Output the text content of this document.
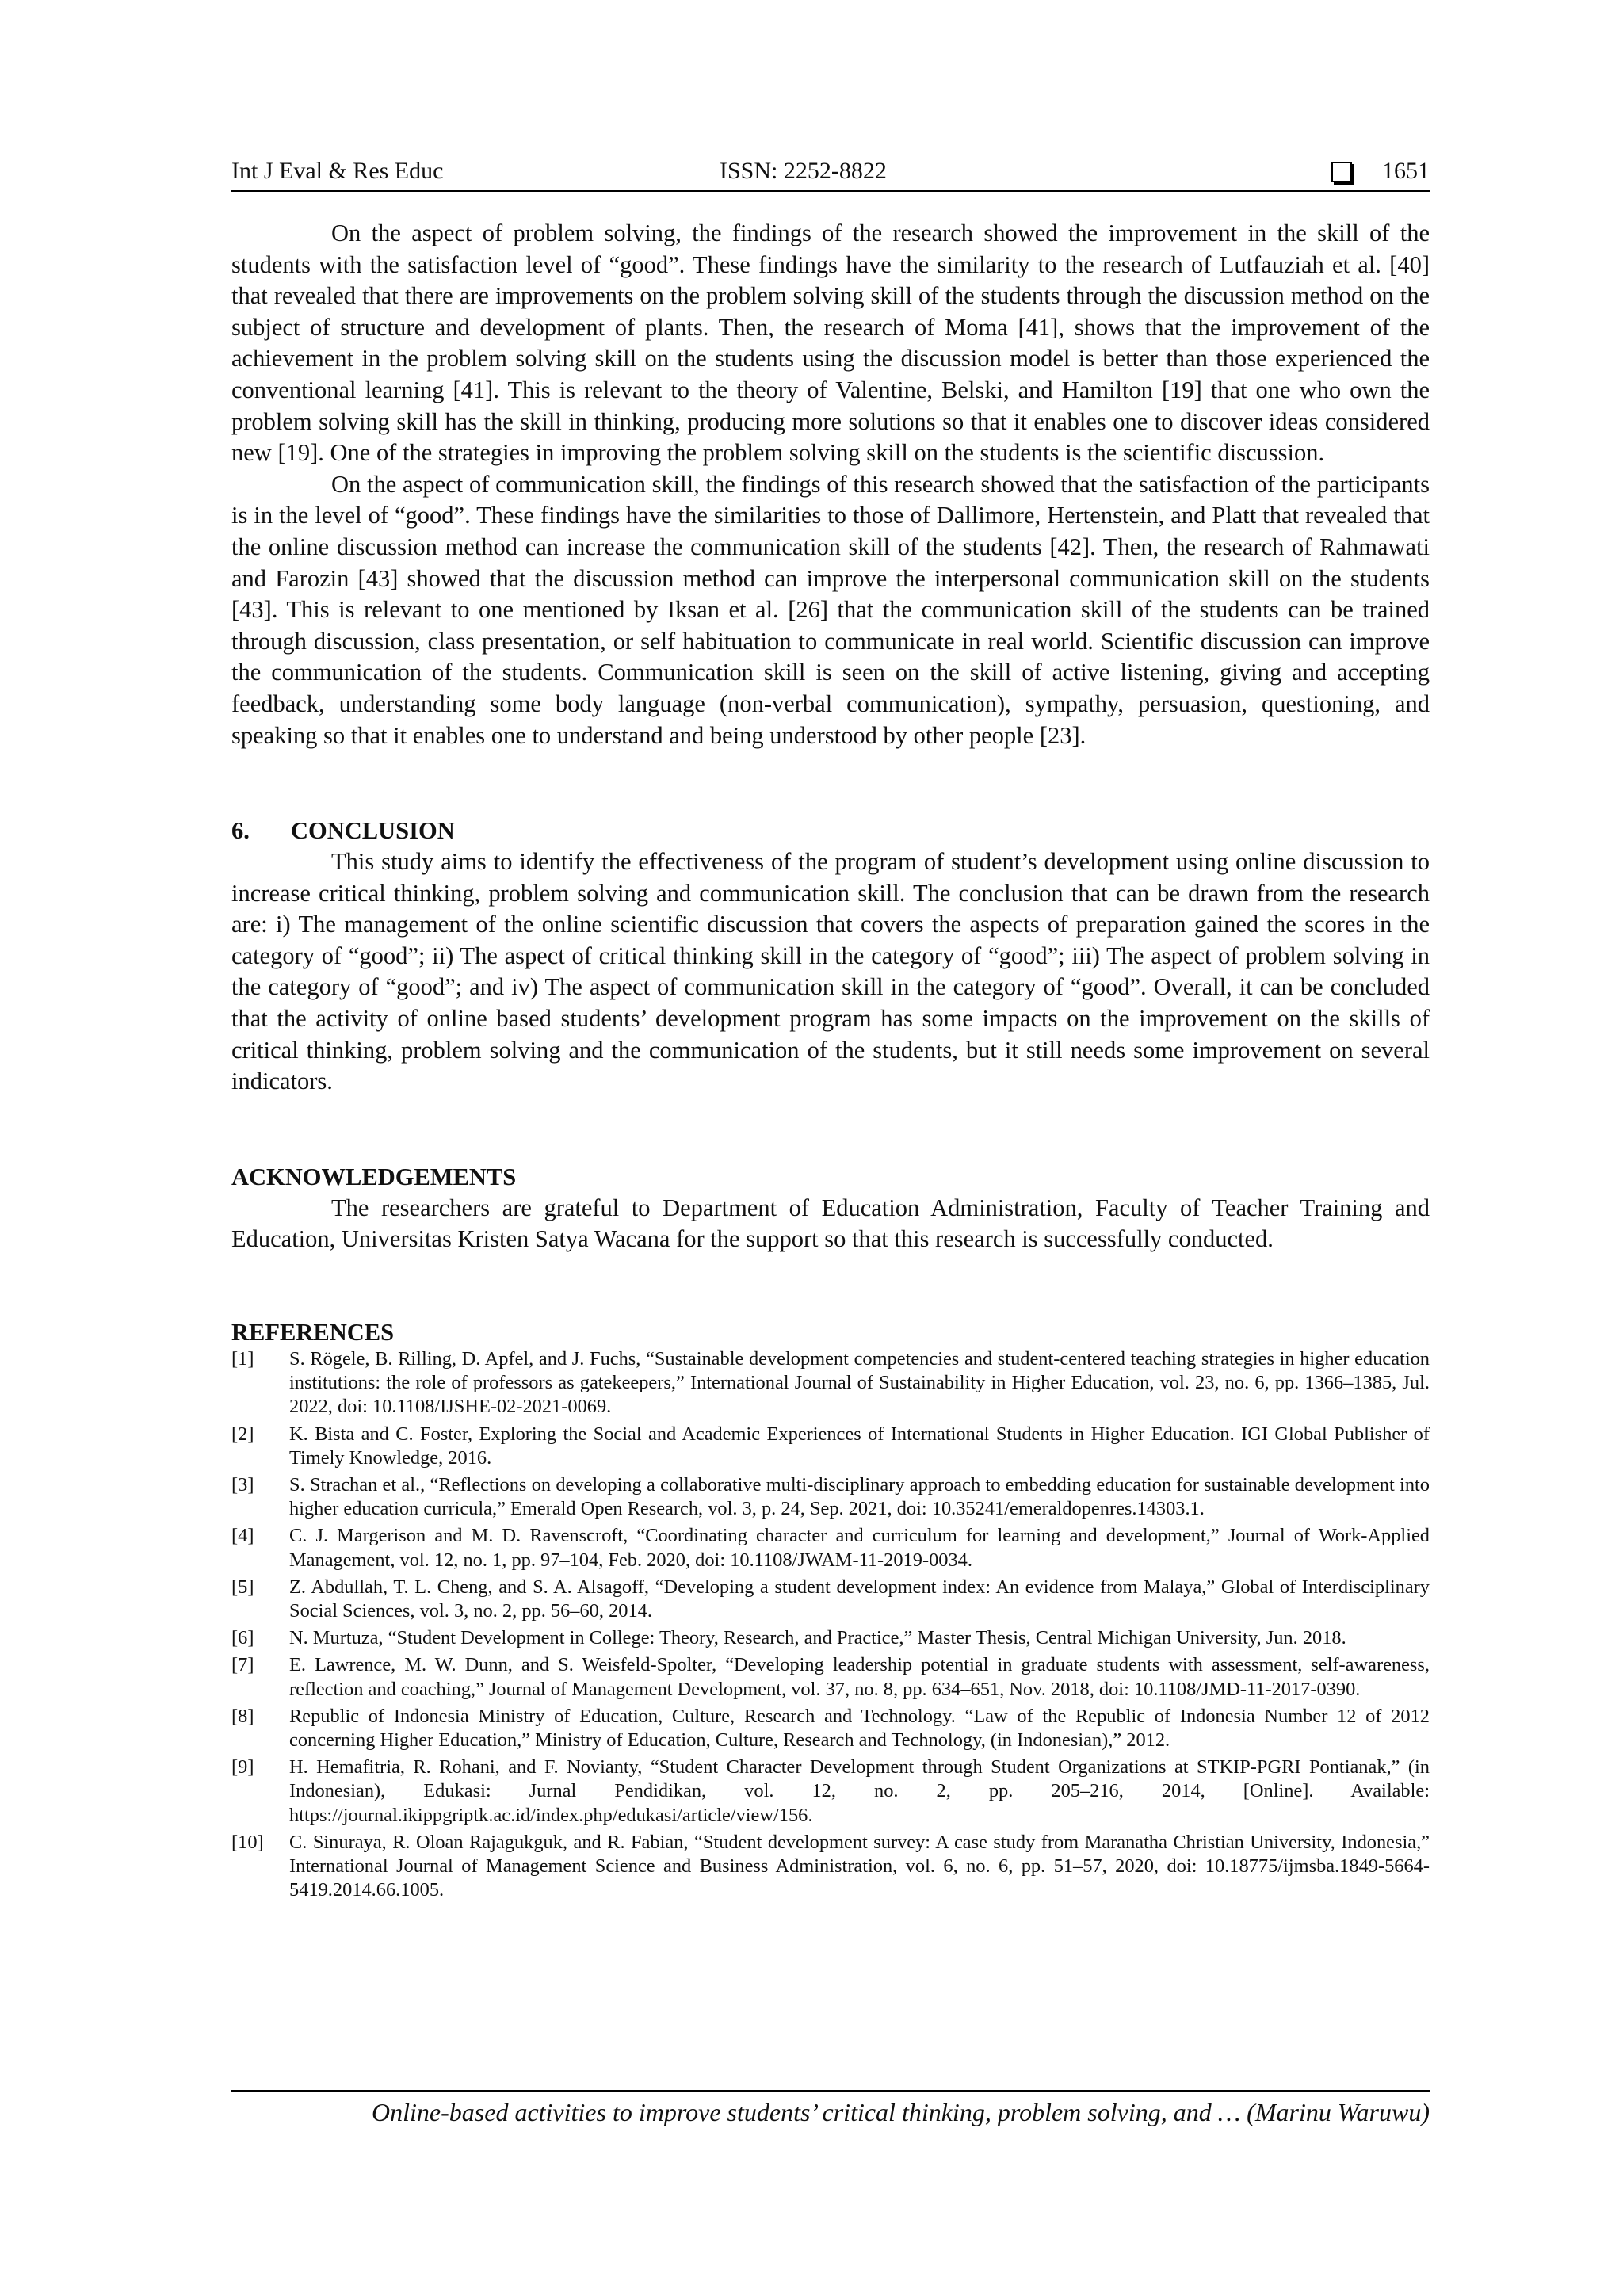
Int J Eval & Res Educ	ISSN: 2252-8822	1651

On the aspect of problem solving, the findings of the research showed the improvement in the skill of the students with the satisfaction level of “good”. These findings have the similarity to the research of Lutfauziah et al. [40] that revealed that there are improvements on the problem solving skill of the students through the discussion method on the subject of structure and development of plants. Then, the research of Moma [41], shows that the improvement of the achievement in the problem solving skill on the students using the discussion model is better than those experienced the conventional learning [41]. This is relevant to the theory of Valentine, Belski, and Hamilton [19] that one who own the problem solving skill has the skill in thinking, producing more solutions so that it enables one to discover ideas considered new [19]. One of the strategies in improving the problem solving skill on the students is the scientific discussion.

On the aspect of communication skill, the findings of this research showed that the satisfaction of the participants is in the level of “good”. These findings have the similarities to those of Dallimore, Hertenstein, and Platt that revealed that the online discussion method can increase the communication skill of the students [42]. Then, the research of Rahmawati and Farozin [43] showed that the discussion method can improve the interpersonal communication skill on the students [43]. This is relevant to one mentioned by Iksan et al. [26] that the communication skill of the students can be trained through discussion, class presentation, or self habituation to communicate in real world. Scientific discussion can improve the communication of the students. Communication skill is seen on the skill of active listening, giving and accepting feedback, understanding some body language (non-verbal communication), sympathy, persuasion, questioning, and speaking so that it enables one to understand and being understood by other people [23].

6. CONCLUSION

This study aims to identify the effectiveness of the program of student’s development using online discussion to increase critical thinking, problem solving and communication skill. The conclusion that can be drawn from the research are: i) The management of the online scientific discussion that covers the aspects of preparation gained the scores in the category of “good”; ii) The aspect of critical thinking skill in the category of “good”; iii) The aspect of problem solving in the category of “good”; and iv) The aspect of communication skill in the category of “good”. Overall, it can be concluded that the activity of online based students’ development program has some impacts on the improvement on the skills of critical thinking, problem solving and the communication of the students, but it still needs some improvement on several indicators.

ACKNOWLEDGEMENTS

The researchers are grateful to Department of Education Administration, Faculty of Teacher Training and Education, Universitas Kristen Satya Wacana for the support so that this research is successfully conducted.

REFERENCES
[1] S. Rögele, B. Rilling, D. Apfel, and J. Fuchs, “Sustainable development competencies and student-centered teaching strategies in higher education institutions: the role of professors as gatekeepers,” International Journal of Sustainability in Higher Education, vol. 23, no. 6, pp. 1366–1385, Jul. 2022, doi: 10.1108/IJSHE-02-2021-0069.
[2] K. Bista and C. Foster, Exploring the Social and Academic Experiences of International Students in Higher Education. IGI Global Publisher of Timely Knowledge, 2016.
[3] S. Strachan et al., “Reflections on developing a collaborative multi-disciplinary approach to embedding education for sustainable development into higher education curricula,” Emerald Open Research, vol. 3, p. 24, Sep. 2021, doi: 10.35241/emeraldopenres.14303.1.
[4] C. J. Margerison and M. D. Ravenscroft, “Coordinating character and curriculum for learning and development,” Journal of Work-Applied Management, vol. 12, no. 1, pp. 97–104, Feb. 2020, doi: 10.1108/JWAM-11-2019-0034.
[5] Z. Abdullah, T. L. Cheng, and S. A. Alsagoff, “Developing a student development index: An evidence from Malaya,” Global of Interdisciplinary Social Sciences, vol. 3, no. 2, pp. 56–60, 2014.
[6] N. Murtuza, “Student Development in College: Theory, Research, and Practice,” Master Thesis, Central Michigan University, Jun. 2018.
[7] E. Lawrence, M. W. Dunn, and S. Weisfeld-Spolter, “Developing leadership potential in graduate students with assessment, self-awareness, reflection and coaching,” Journal of Management Development, vol. 37, no. 8, pp. 634–651, Nov. 2018, doi: 10.1108/JMD-11-2017-0390.
[8] Republic of Indonesia Ministry of Education, Culture, Research and Technology. “Law of the Republic of Indonesia Number 12 of 2012 concerning Higher Education,” Ministry of Education, Culture, Research and Technology, (in Indonesian),” 2012.
[9] H. Hemafitria, R. Rohani, and F. Novianty, “Student Character Development through Student Organizations at STKIP-PGRI Pontianak,” (in Indonesian), Edukasi: Jurnal Pendidikan, vol. 12, no. 2, pp. 205–216, 2014, [Online]. Available: https://journal.ikippgriptk.ac.id/index.php/edukasi/article/view/156.
[10] C. Sinuraya, R. Oloan Rajagukguk, and R. Fabian, “Student development survey: A case study from Maranatha Christian University, Indonesia,” International Journal of Management Science and Business Administration, vol. 6, no. 6, pp. 51–57, 2020, doi: 10.18775/ijmsba.1849-5664-5419.2014.66.1005.
Online-based activities to improve students’ critical thinking, problem solving, and … (Marinu Waruwu)
